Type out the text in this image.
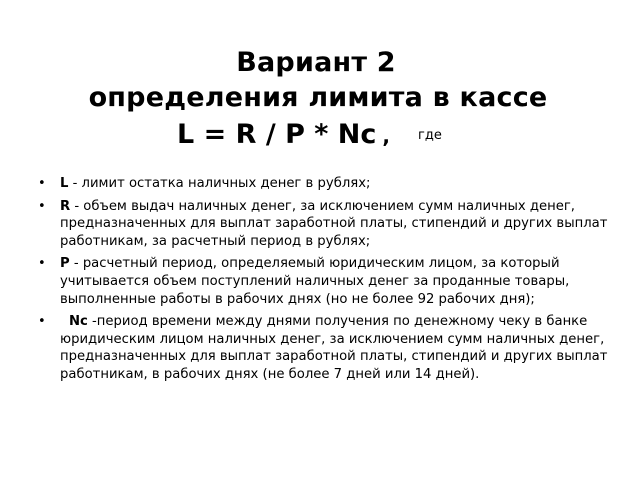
Вариант 2
определения лимита в кассе
L = R / P * Nc , $^{где}$
• L - лимит остатка наличных денег в рублях;
• R - объем выдач наличных денег, за исключением сумм наличных денег, предназначенных для выплат заработной платы, стипендий и других выплат работникам, за расчетный период в рублях;
• P - расчетный период, определяемый юридическим лицом, за который учитывается объем поступлений наличных денег за проданные товары, выполненные работы в рабочих днях (но не более 92 рабочих дня);
• Nc -период времени между днями получения по денежному чеку в банке юридическим лицом наличных денег, за исключением сумм наличных денег, предназначенных для выплат заработной платы, стипендий и других выплат работникам, в рабочих днях (не более 7 дней или 14 дней).
